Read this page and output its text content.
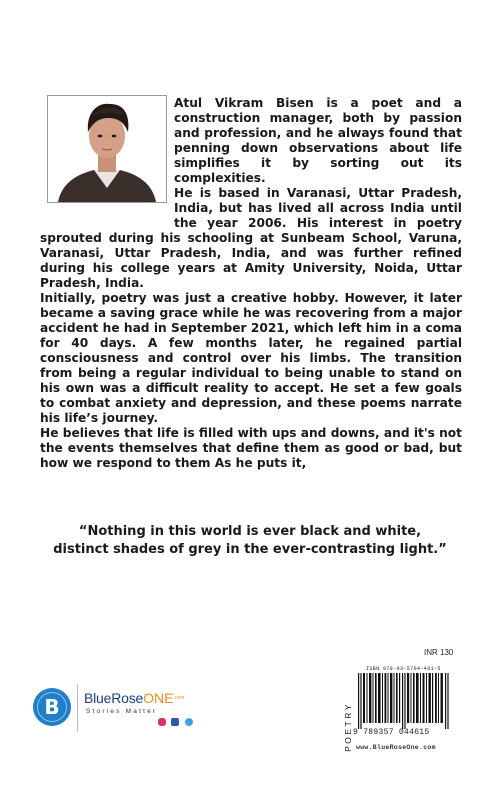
Atul Vikram Bisen is a poet and a construction manager, both by passion and profession, and he always found that penning down observations about life simplifies it by sorting out its complexities.

He is based in Varanasi, Uttar Pradesh, India, but has lived all across India until the year 2006. His interest in poetry sprouted during his schooling at Sunbeam School, Varuna, Varanasi, Uttar Pradesh, India, and was further refined during his college years at Amity University, Noida, Uttar Pradesh, India.

Initially, poetry was just a creative hobby. However, it later became a saving grace while he was recovering from a major accident he had in September 2021, which left him in a coma for 40 days. A few months later, he regained partial consciousness and control over his limbs. The transition from being a regular individual to being unable to stand on his own was a difficult reality to accept. He set a few goals to combat anxiety and depression, and these poems narrate his life’s journey.

He believes that life is filled with ups and downs, and it's not the events themselves that define them as good or bad, but how we respond to them As he puts it,

“Nothing in this world is ever black and white,
distinct shades of grey in the ever-contrasting light.”
B	BlueRoseONE$^{.com}$
Stories Matter

INR 130
POETRY
ISBN 978-93-5704-461-5
9 789357 044615
www.BlueRoseOne.com
